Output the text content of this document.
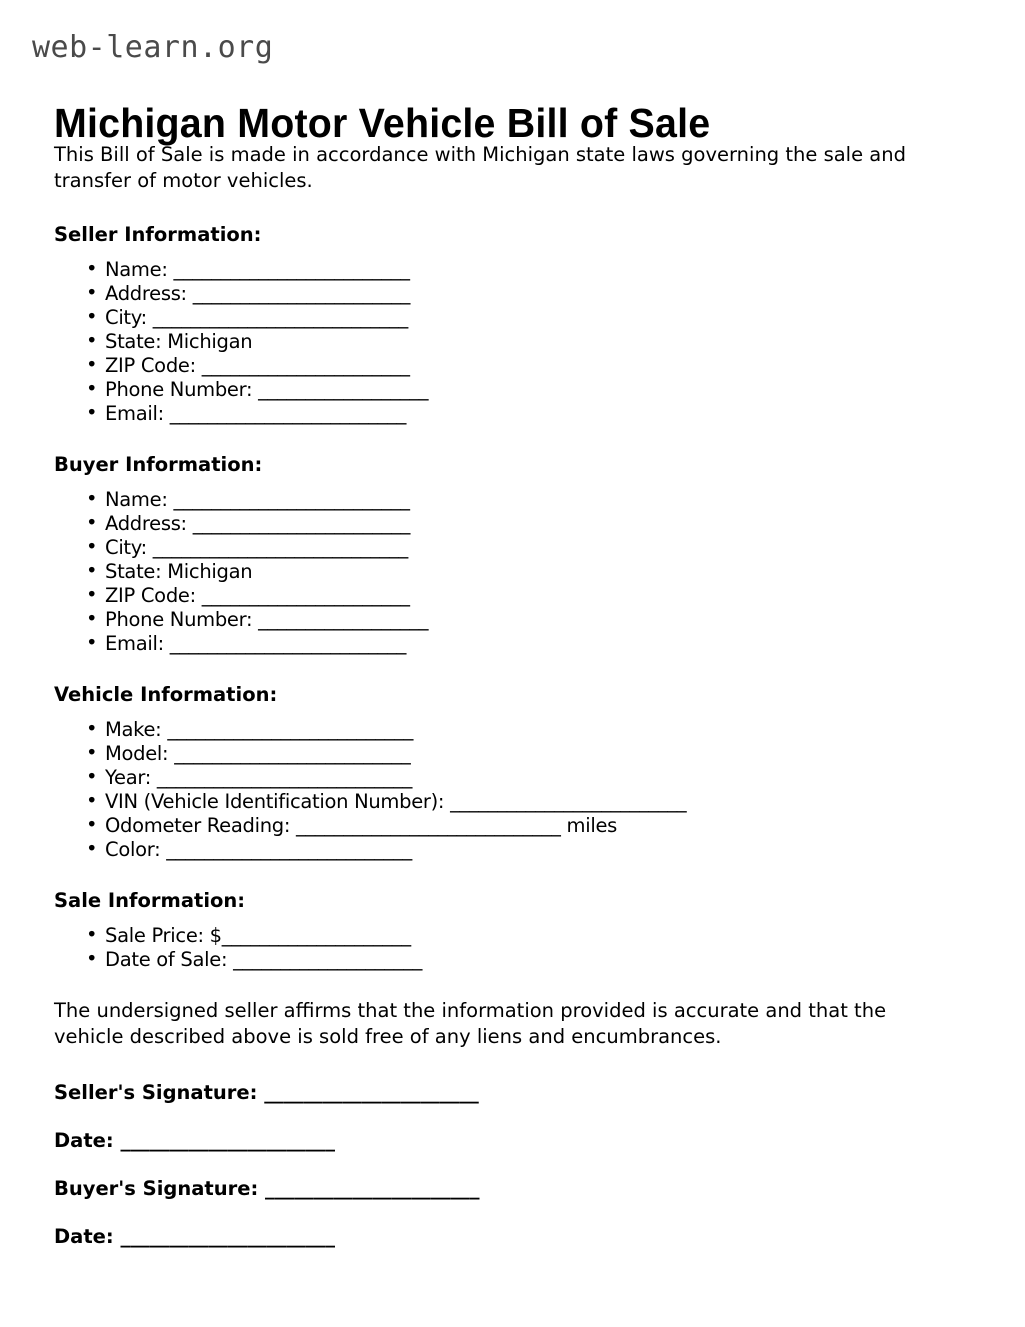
web-learn.org
Michigan Motor Vehicle Bill of Sale

This Bill of Sale is made in accordance with Michigan state laws governing the sale and transfer of motor vehicles.

Seller Information:
• Name: _________________________
• Address: _______________________
• City: ___________________________
• State: Michigan
• ZIP Code: ______________________
• Phone Number: __________________
• Email: _________________________
Buyer Information:
• Name: _________________________
• Address: _______________________
• City: ___________________________
• State: Michigan
• ZIP Code: ______________________
• Phone Number: __________________
• Email: _________________________
Vehicle Information:
• Make: __________________________
• Model: _________________________
• Year: ___________________________
• VIN (Vehicle Identification Number): _________________________
• Odometer Reading: ____________________________ miles
• Color: __________________________
Sale Information:
• Sale Price: $____________________
• Date of Sale: ____________________

The undersigned seller affirms that the information provided is accurate and that the vehicle described above is sold free of any liens and encumbrances.

Seller's Signature: ______________________
Date: ______________________
Buyer's Signature: ______________________
Date: ______________________
